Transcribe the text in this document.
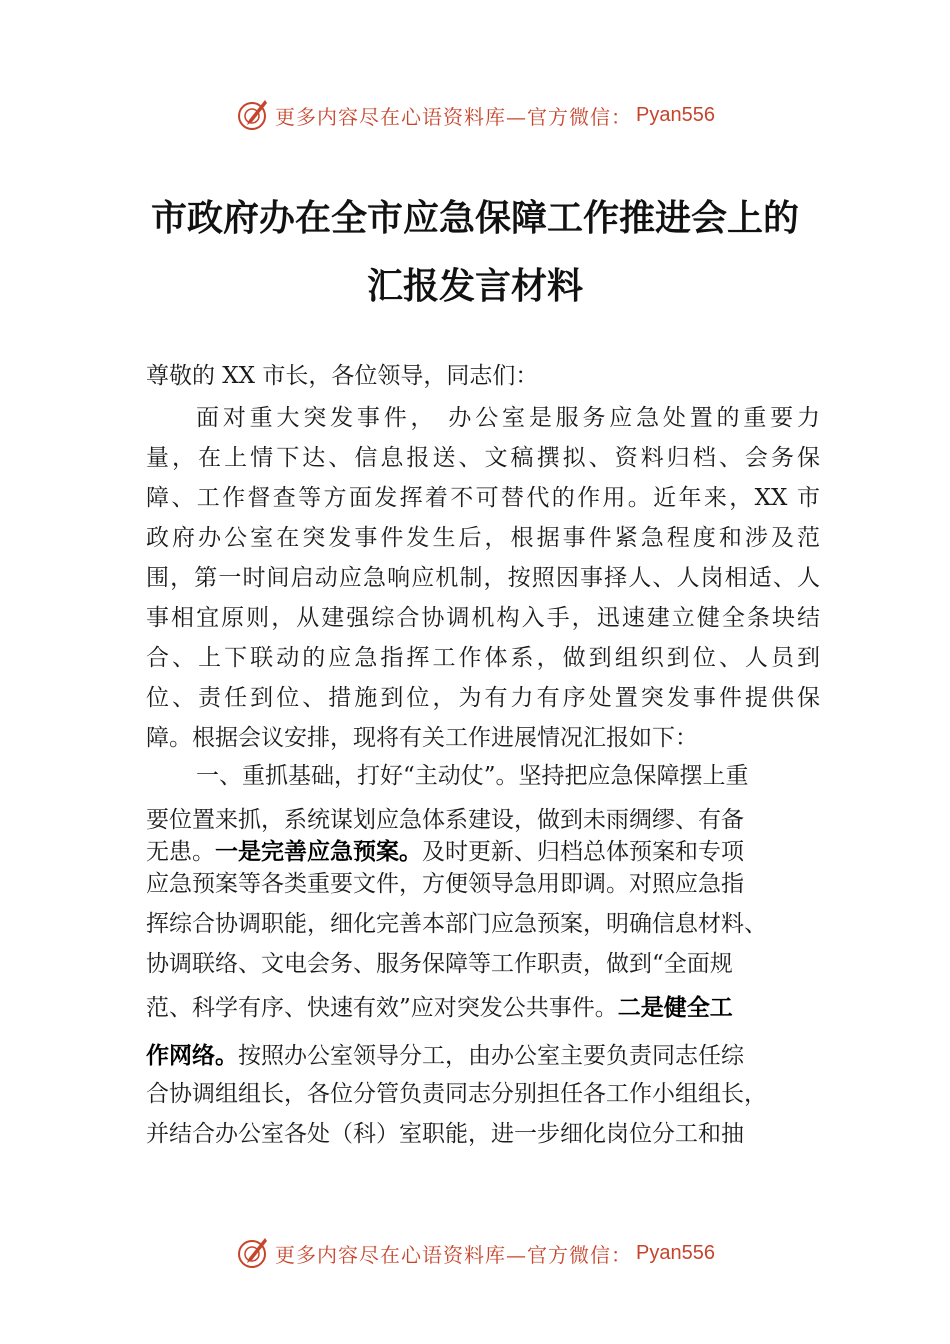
更多内容尽在心语资料库—官方微信： Pyan556
市政府办在全市应急保障工作推进会上的
汇报发言材料
尊敬的 XX 市长，各位领导，同志们：
面对重大突发事件， 办公室是服务应急处置的重要力
量，在上情下达、信息报送、文稿撰拟、资料归档、会务保
障、工作督查等方面发挥着不可替代的作用。近年来，XX 市
政府办公室在突发事件发生后，根据事件紧急程度和涉及范
围，第一时间启动应急响应机制，按照因事择人、人岗相适、人
事相宜原则，从建强综合协调机构入手，迅速建立健全条块结
合、上下联动的应急指挥工作体系，做到组织到位、人员到
位、责任到位、措施到位，为有力有序处置突发事件提供保
障。根据会议安排，现将有关工作进展情况汇报如下：
一、重抓基础，打好“主动仗”。坚持把应急保障摆上重
要位置来抓，系统谋划应急体系建设，做到未雨绸缪、有备
无患。一是完善应急预案。及时更新、归档总体预案和专项
应急预案等各类重要文件，方便领导急用即调。对照应急指
挥综合协调职能，细化完善本部门应急预案，明确信息材料、
协调联络、文电会务、服务保障等工作职责，做到“全面规
范、科学有序、快速有效”应对突发公共事件。二是健全工
作网络。按照办公室领导分工，由办公室主要负责同志任综
合协调组组长，各位分管负责同志分别担任各工作小组组长，
并结合办公室各处（科）室职能，进一步细化岗位分工和抽
更多内容尽在心语资料库—官方微信： Pyan556
